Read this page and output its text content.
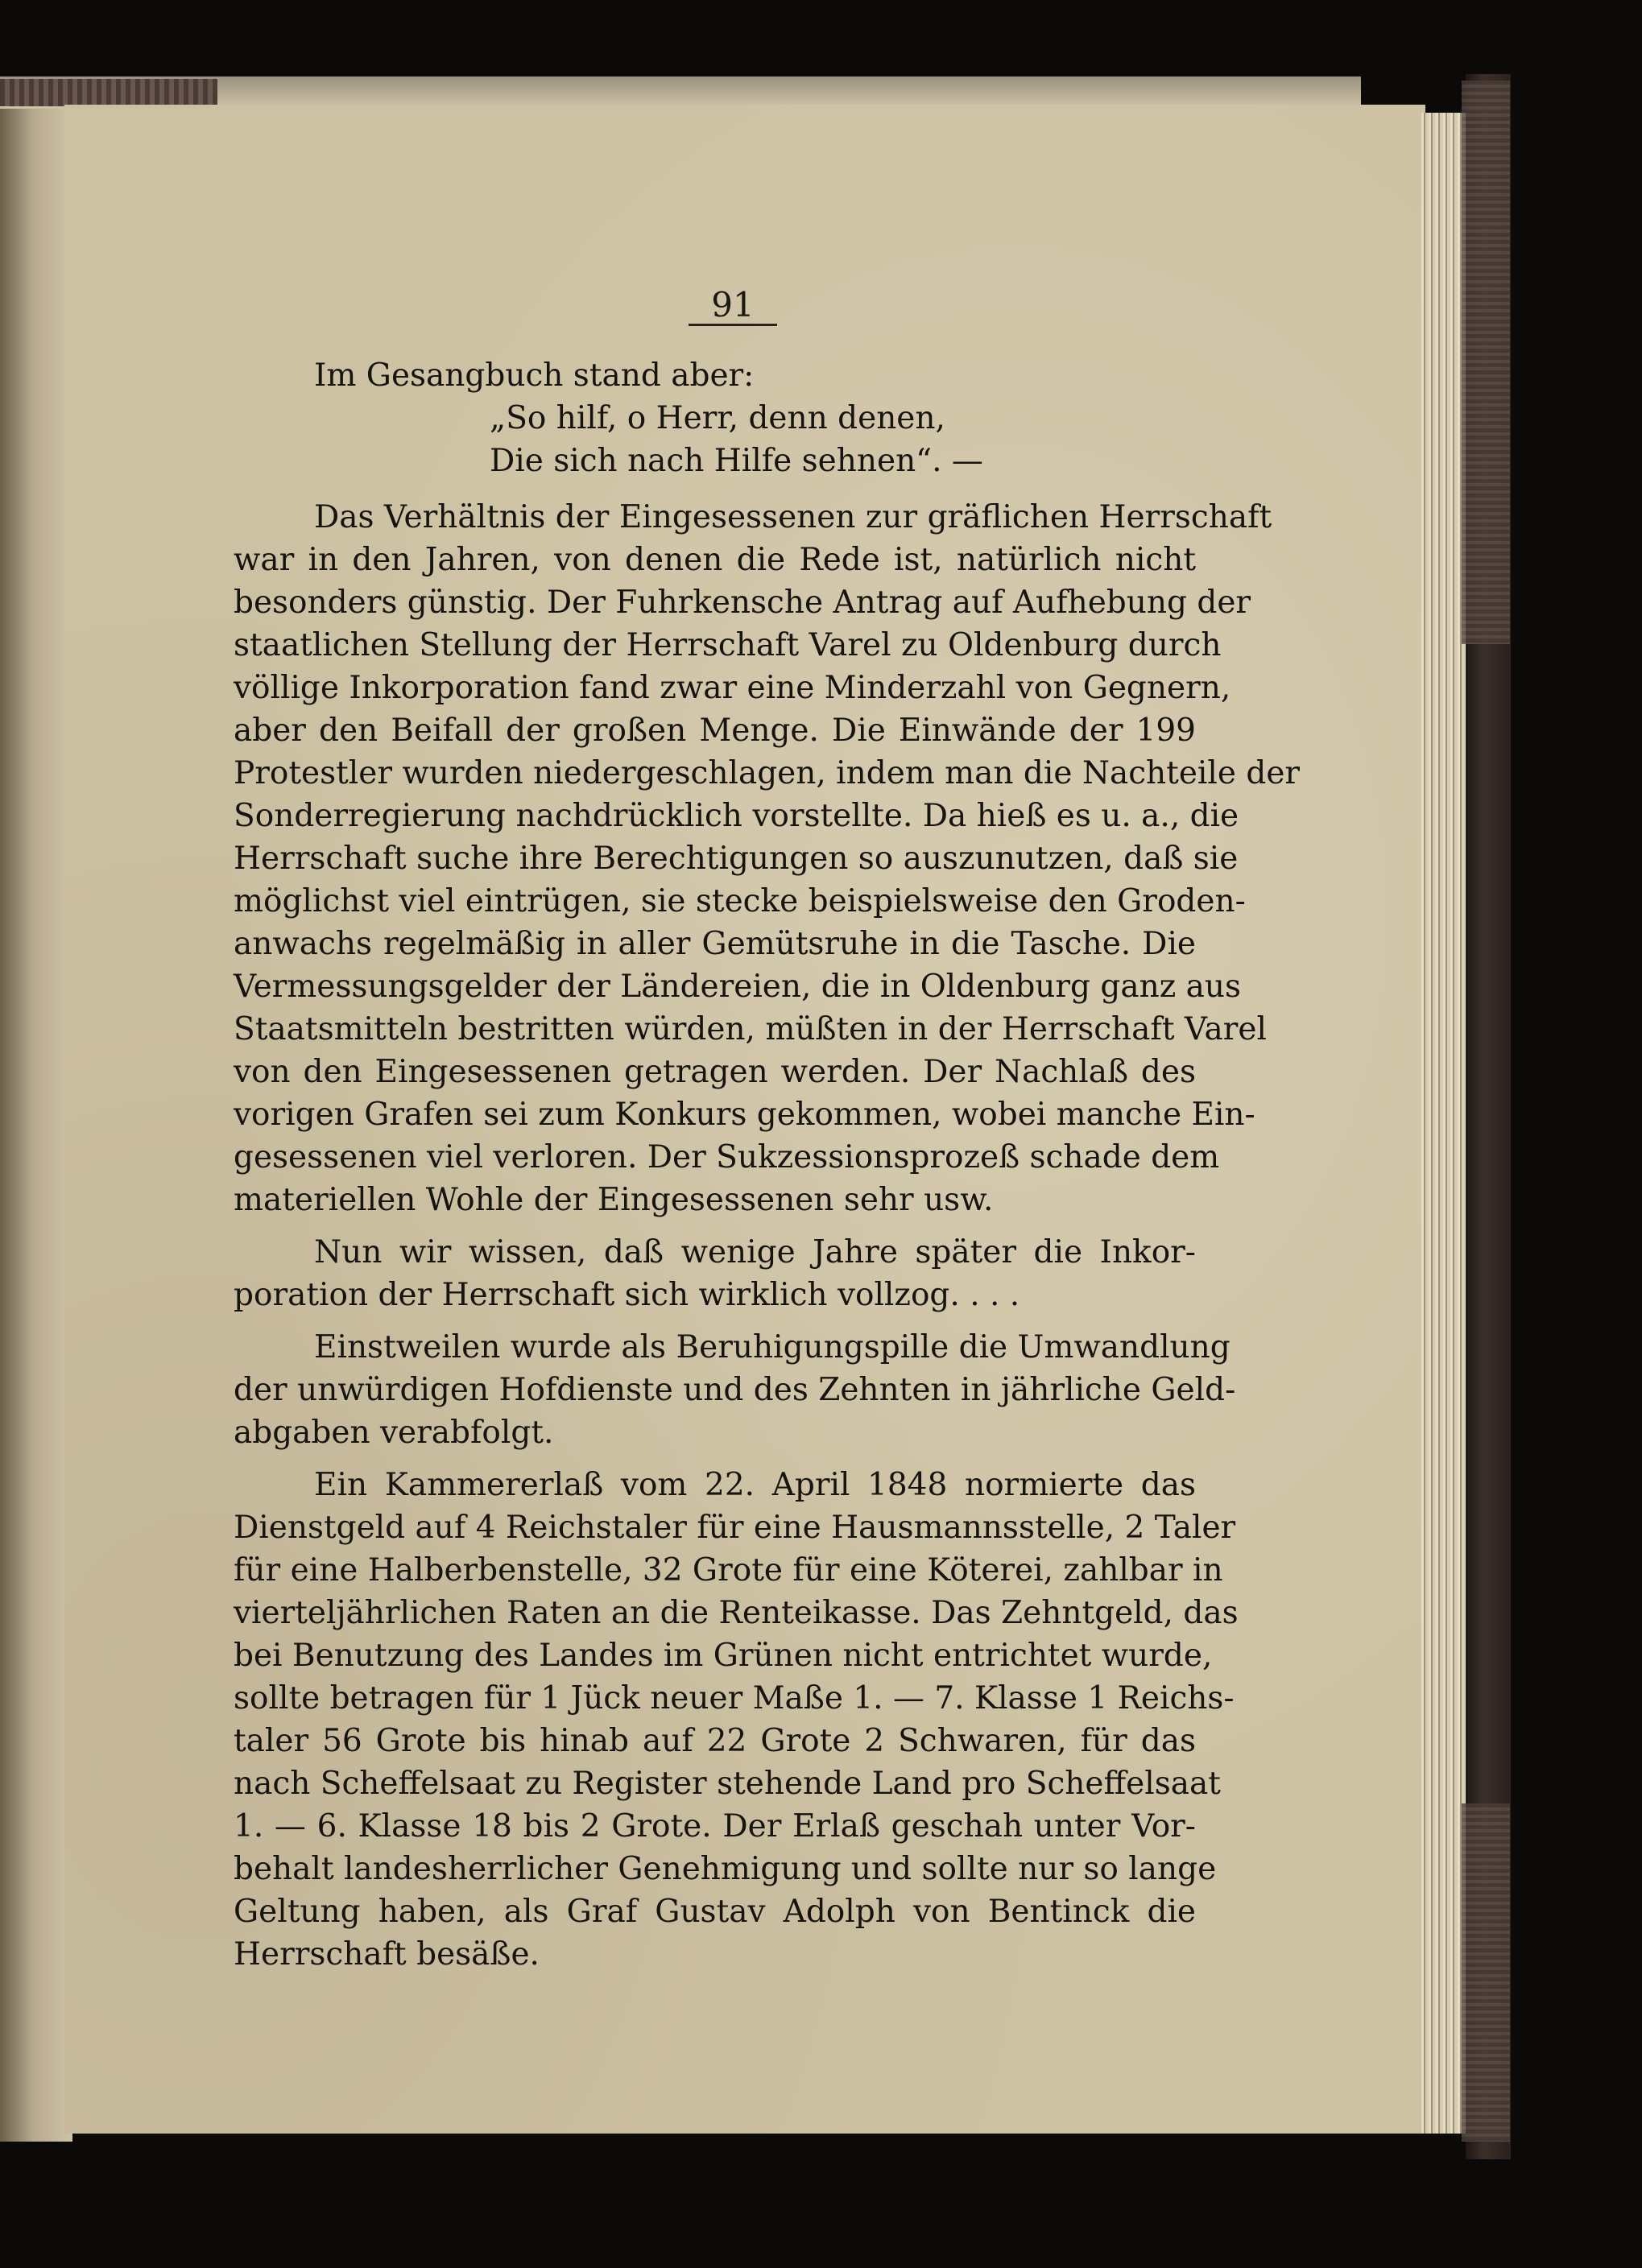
91
Im Gesangbuch stand aber:
„So hilf, o Herr, denn denen,
Die sich nach Hilfe sehnen“. —
Das Verhältnis der Eingesessenen zur gräflichen Herrschaft
war in den Jahren, von denen die Rede ist, natürlich nicht
besonders günstig. Der Fuhrkensche Antrag auf Aufhebung der
staatlichen Stellung der Herrschaft Varel zu Oldenburg durch
völlige Inkorporation fand zwar eine Minderzahl von Gegnern,
aber den Beifall der großen Menge. Die Einwände der 199
Protestler wurden niedergeschlagen, indem man die Nachteile der
Sonderregierung nachdrücklich vorstellte. Da hieß es u. a., die
Herrschaft suche ihre Berechtigungen so auszunutzen, daß sie
möglichst viel eintrügen, sie stecke beispielsweise den Groden-
anwachs regelmäßig in aller Gemütsruhe in die Tasche. Die
Vermessungsgelder der Ländereien, die in Oldenburg ganz aus
Staatsmitteln bestritten würden, müßten in der Herrschaft Varel
von den Eingesessenen getragen werden. Der Nachlaß des
vorigen Grafen sei zum Konkurs gekommen, wobei manche Ein-
gesessenen viel verloren. Der Sukzessionsprozeß schade dem
materiellen Wohle der Eingesessenen sehr usw.
Nun wir wissen, daß wenige Jahre später die Inkor-
poration der Herrschaft sich wirklich vollzog. . . .
Einstweilen wurde als Beruhigungspille die Umwandlung
der unwürdigen Hofdienste und des Zehnten in jährliche Geld-
abgaben verabfolgt.
Ein Kammererlaß vom 22. April 1848 normierte das
Dienstgeld auf 4 Reichstaler für eine Hausmannsstelle, 2 Taler
für eine Halberbenstelle, 32 Grote für eine Köterei, zahlbar in
vierteljährlichen Raten an die Renteikasse. Das Zehntgeld, das
bei Benutzung des Landes im Grünen nicht entrichtet wurde,
sollte betragen für 1 Jück neuer Maße 1. — 7. Klasse 1 Reichs-
taler 56 Grote bis hinab auf 22 Grote 2 Schwaren, für das
nach Scheffelsaat zu Register stehende Land pro Scheffelsaat
1. — 6. Klasse 18 bis 2 Grote. Der Erlaß geschah unter Vor-
behalt landesherrlicher Genehmigung und sollte nur so lange
Geltung haben, als Graf Gustav Adolph von Bentinck die
Herrschaft besäße.
